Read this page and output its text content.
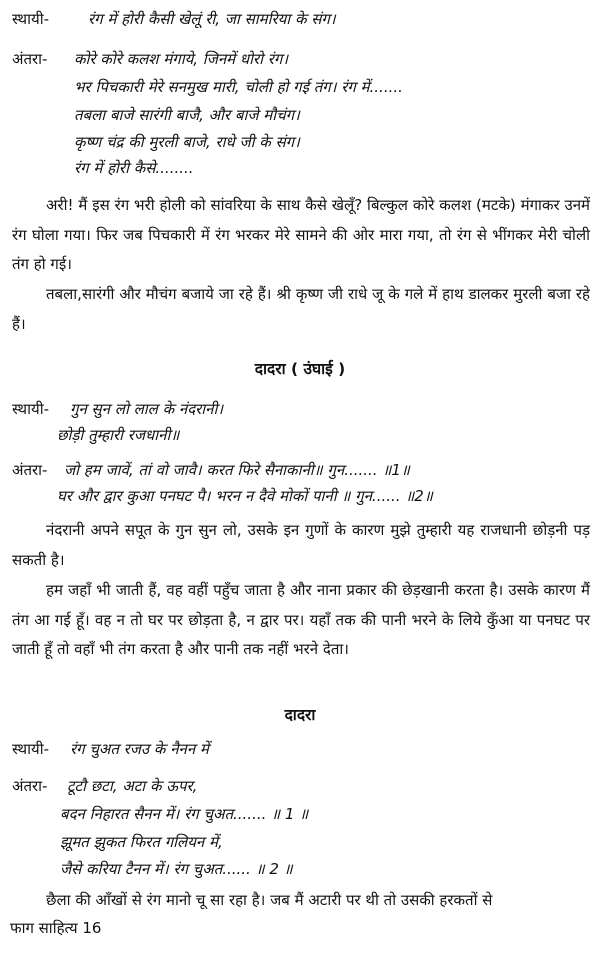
स्थायी-	रंग में होरी कैसी खेलूं री, जा सामरिया के संग।
अंतरा- कोरे कोरे कलश मंगाये, जिनमें धोरो रंग।
भर पिचकारी मेरे सनमुख मारी, चोली हो गई तंग। रंग में.......
तबला बाजे सारंगी बाजै, और बाजे मौचंग।
कृष्ण चंद्र की मुरली बाजे, राधे जी के संग।
रंग में होरी कैसे........

अरी! मैं इस रंग भरी होली को सांवरिया के साथ कैसे खेलूँ? बिल्कुल कोरे कलश (मटके) मंगाकर उनमें रंग घोला गया। फिर जब पिचकारी में रंग भरकर मेरे सामने की ओर मारा गया, तो रंग से भींगकर मेरी चोली तंग हो गई।

तबला,सारंगी और मौचंग बजाये जा रहे हैं। श्री कृष्ण जी राधे जू के गले में हाथ डालकर मुरली बजा रहे हैं।

दादरा ( उंघाई )
स्थायी- गुन सुन लो लाल के नंदरानी।
छोड़ी तुम्हारी रजधानी॥
अंतरा- जो हम जावें, तां वो जावै। करत फिरे सैनाकानी॥ गुन....... ॥1॥
घर और द्वार कुआ पनघट पै। भरन न दैवे मोकों पानी ॥ गुन...... ॥2॥

नंदरानी अपने सपूत के गुन सुन लो, उसके इन गुणों के कारण मुझे तुम्हारी यह राजधानी छोड़नी पड़ सकती है।

हम जहाँ भी जाती हैं, वह वहीं पहुँच जाता है और नाना प्रकार की छेड़खानी करता है। उसके कारण मैं तंग आ गई हूँ। वह न तो घर पर छोड़ता है, न द्वार पर। यहाँ तक की पानी भरने के लिये कुँआ या पनघट पर जाती हूँ तो वहाँ भी तंग करता है और पानी तक नहीं भरने देता।

दादरा
स्थायी- रंग चुअत रजउ के नैनन में
अंतरा- टूटौ छटा, अटा के ऊपर,
बदन निहारत सैनन में। रंग चुअत....... ॥ 1 ॥
झूमत झुकत फिरत गलियन में,
जैसे करिया टैनन में। रंग चुअत...... ॥ 2 ॥

छैला की आँखों से रंग मानो चू सा रहा है। जब मैं अटारी पर थी तो उसकी हरकतों से

फाग साहित्य 16
